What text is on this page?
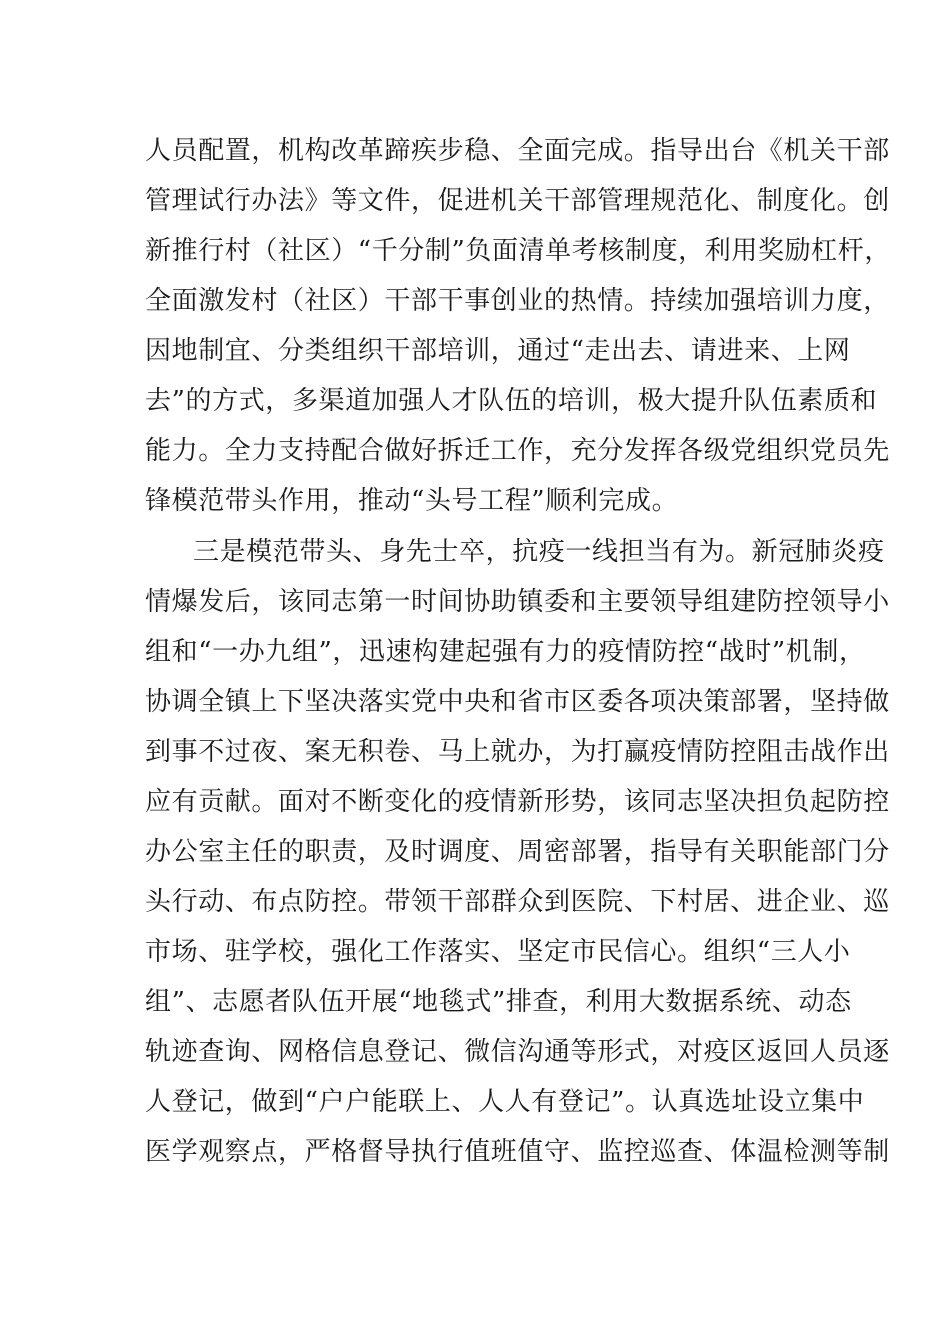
人员配置，机构改革蹄疾步稳、全面完成。指导出台《机关干部
管理试行办法》等文件，促进机关干部管理规范化、制度化。创
新推行村（社区）“千分制”负面清单考核制度，利用奖励杠杆，
全面激发村（社区）干部干事创业的热情。持续加强培训力度，
因地制宜、分类组织干部培训，通过“走出去、请进来、上网
去”的方式，多渠道加强人才队伍的培训，极大提升队伍素质和
能力。全力支持配合做好拆迁工作，充分发挥各级党组织党员先
锋模范带头作用，推动“头号工程”顺利完成。
三是模范带头、身先士卒，抗疫一线担当有为。新冠肺炎疫
情爆发后，该同志第一时间协助镇委和主要领导组建防控领导小
组和“一办九组”，迅速构建起强有力的疫情防控“战时”机制，
协调全镇上下坚决落实党中央和省市区委各项决策部署，坚持做
到事不过夜、案无积卷、马上就办，为打赢疫情防控阻击战作出
应有贡献。面对不断变化的疫情新形势，该同志坚决担负起防控
办公室主任的职责，及时调度、周密部署，指导有关职能部门分
头行动、布点防控。带领干部群众到医院、下村居、进企业、巡
市场、驻学校，强化工作落实、坚定市民信心。组织“三人小
组”、志愿者队伍开展“地毯式”排查，利用大数据系统、动态
轨迹查询、网格信息登记、微信沟通等形式，对疫区返回人员逐
人登记，做到“户户能联上、人人有登记”。认真选址设立集中
医学观察点，严格督导执行值班值守、监控巡查、体温检测等制
